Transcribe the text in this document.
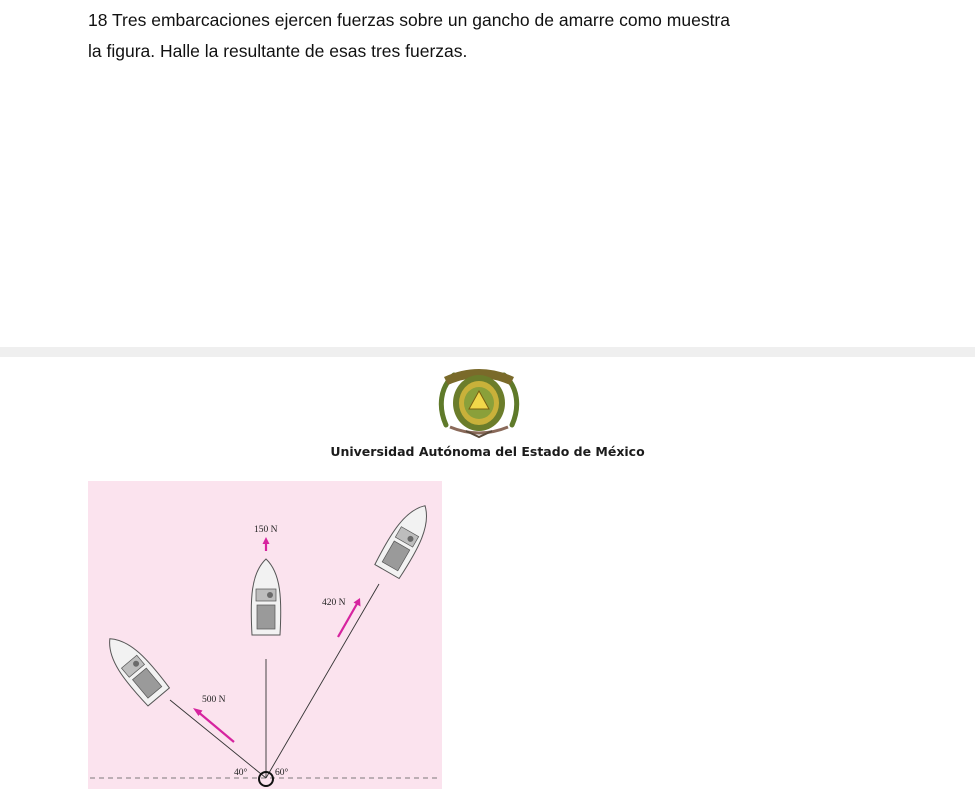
18 Tres embarcaciones ejercen fuerzas sobre un gancho de amarre como muestra

la figura. Halle la resultante de esas tres fuerzas.

Universidad Autónoma del Estado de México
150 N
420 N
500 N
40°	60°
